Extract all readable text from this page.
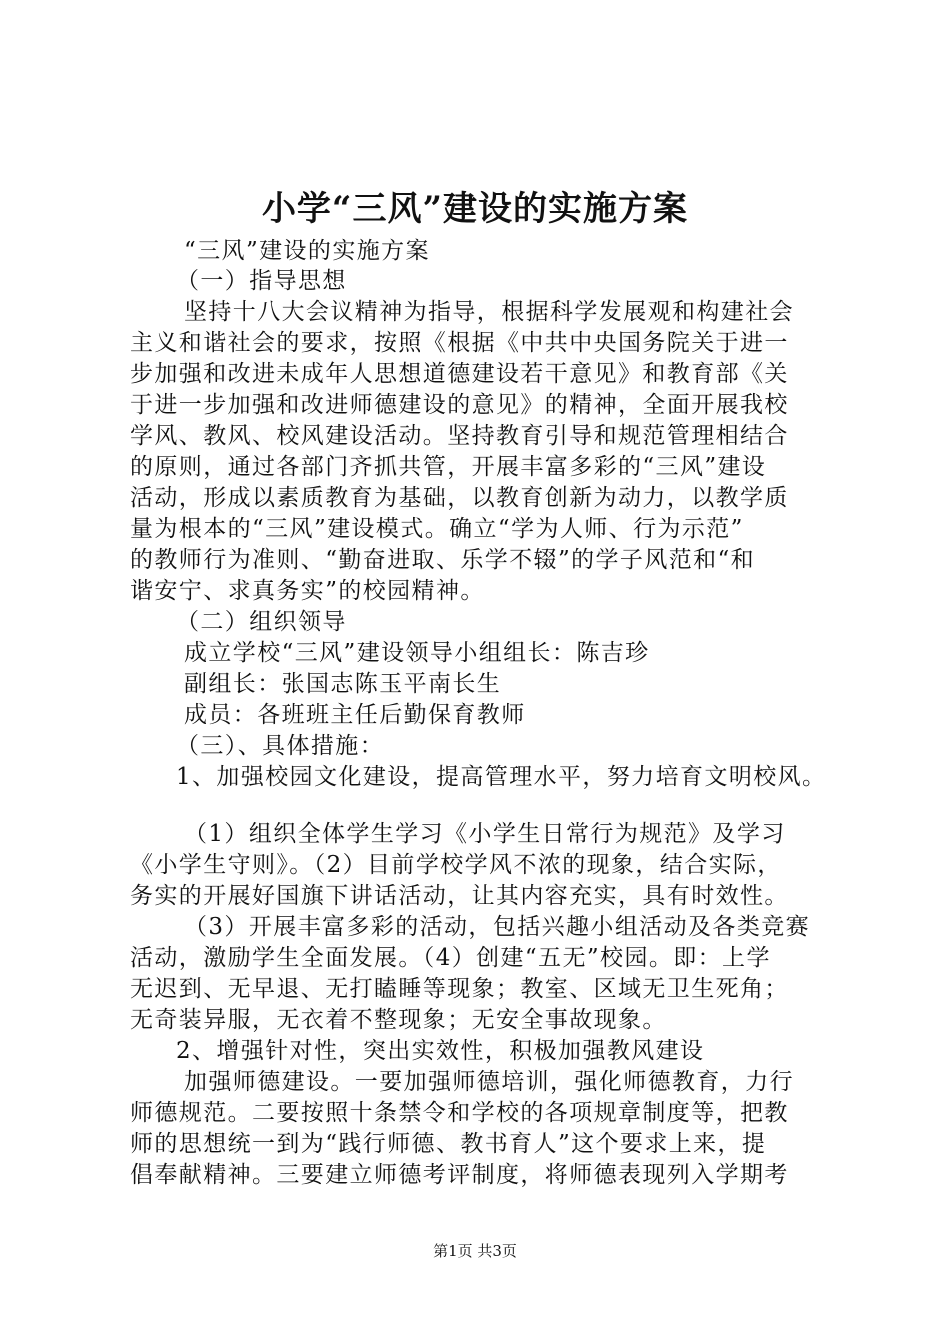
小学“三风”建设的实施方案
“三风”建设的实施方案
（一）指导思想
坚持十八大会议精神为指导，根据科学发展观和构建社会
主义和谐社会的要求，按照《根据《中共中央国务院关于进一
步加强和改进未成年人思想道德建设若干意见》和教育部《关
于进一步加强和改进师德建设的意见》的精神，全面开展我校
学风、教风、校风建设活动。坚持教育引导和规范管理相结合
的原则，通过各部门齐抓共管，开展丰富多彩的“三风”建设
活动，形成以素质教育为基础，以教育创新为动力，以教学质
量为根本的“三风”建设模式。确立“学为人师、行为示范”
的教师行为准则、“勤奋进取、乐学不辍”的学子风范和“和
谐安宁、求真务实”的校园精神。
（二）组织领导
成立学校“三风”建设领导小组组长：陈吉珍
副组长：张国志陈玉平南长生
成员：各班班主任后勤保育教师
（三）、具体措施：
1、加强校园文化建设，提高管理水平，努力培育文明校风。
（1）组织全体学生学习《小学生日常行为规范》及学习
《小学生守则》。（2）目前学校学风不浓的现象，结合实际，
务实的开展好国旗下讲话活动，让其内容充实，具有时效性。
（3）开展丰富多彩的活动，包括兴趣小组活动及各类竞赛
活动，激励学生全面发展。（4）创建“五无”校园。即：上学
无迟到、无早退、无打瞌睡等现象；教室、区域无卫生死角；
无奇装异服，无衣着不整现象；无安全事故现象。
2、增强针对性，突出实效性，积极加强教风建设
加强师德建设。一要加强师德培训，强化师德教育，力行
师德规范。二要按照十条禁令和学校的各项规章制度等，把教
师的思想统一到为“践行师德、教书育人”这个要求上来，提
倡奉献精神。三要建立师德考评制度，将师德表现列入学期考
第1页 共3页
